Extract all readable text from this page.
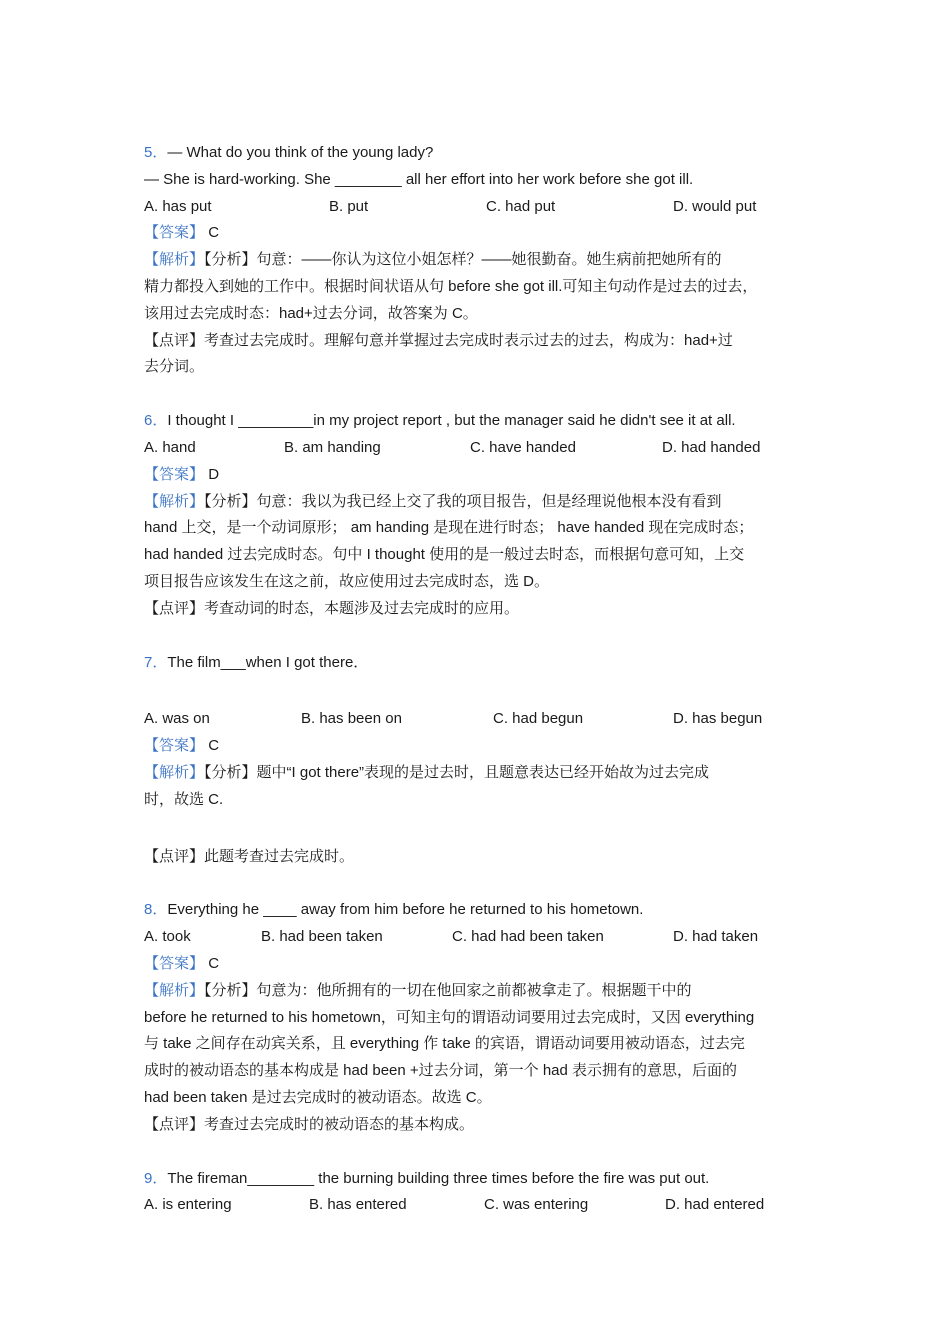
5．— What do you think of the young lady?
— She is hard-working. She ________ all her effort into her work before she got ill.
A. has put	B. put	C. had put	D. would put
【答案】 C
【解析】【分析】句意：——你认为这位小姐怎样？——她很勤奋。她生病前把她所有的
精力都投入到她的工作中。根据时间状语从句 before she got ill.可知主句动作是过去的过去，
该用过去完成时态：had+过去分词，故答案为 C。
【点评】考查过去完成时。理解句意并掌握过去完成时表示过去的过去，构成为：had+过
去分词。
6．I thought I _________in my project report , but the manager said he didn't see it at all.
A. hand	B. am handing	C. have handed	D. had handed
【答案】 D
【解析】【分析】句意：我以为我已经上交了我的项目报告，但是经理说他根本没有看到
hand 上交，是一个动词原形； am handing 是现在进行时态； have handed 现在完成时态；
had handed 过去完成时态。句中 I thought 使用的是一般过去时态，而根据句意可知，上交
项目报告应该发生在这之前，故应使用过去完成时态，选 D。
【点评】考查动词的时态，本题涉及过去完成时的应用。
7．The film___when I got there．
A. was on	B. has been on	C. had begun	D. has begun
【答案】 C
【解析】【分析】题中“I got there”表现的是过去时，且题意表达已经开始故为过去完成
时，故选 C.
【点评】此题考查过去完成时。
8．Everything he ____ away from him before he returned to his hometown.
A. took	B. had been taken	C. had had been taken	D. had taken
【答案】 C
【解析】【分析】句意为：他所拥有的一切在他回家之前都被拿走了。根据题干中的
before he returned to his hometown，可知主句的谓语动词要用过去完成时，又因 everything
与 take 之间存在动宾关系，且 everything 作 take 的宾语，谓语动词要用被动语态，过去完
成时的被动语态的基本构成是 had been +过去分词，第一个 had 表示拥有的意思，后面的
had been taken 是过去完成时的被动语态。故选 C。
【点评】考查过去完成时的被动语态的基本构成。
9．The fireman________ the burning building three times before the fire was put out.
A. is entering	B. has entered	C. was entering	D. had entered
